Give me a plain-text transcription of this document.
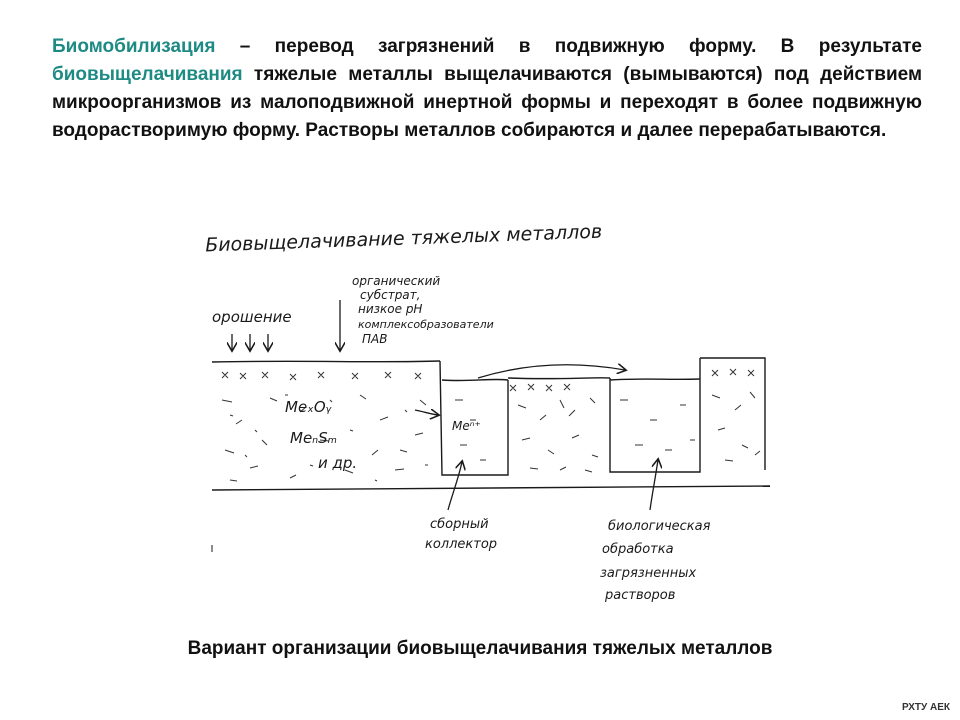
Биомобилизация – перевод загрязнений в подвижную форму. В результате биовыщелачивания тяжелые металлы выщелачиваются (вымываются) под действием микроорганизмов из малоподвижной инертной формы и переходят в более подвижную водорастворимую форму. Растворы металлов собираются и далее перерабатываются.

Биовыщелачивание тяжелых металлов
орошение
органический субстрат, низкое pH комплексобразователи ПАВ
MeₓOᵧ MeₙSₘ и др.
Meⁿ⁺
сборный коллектор
биологическая обработка загрязненных растворов

Вариант организации биовыщелачивания тяжелых металлов

РХТУ АЕК
